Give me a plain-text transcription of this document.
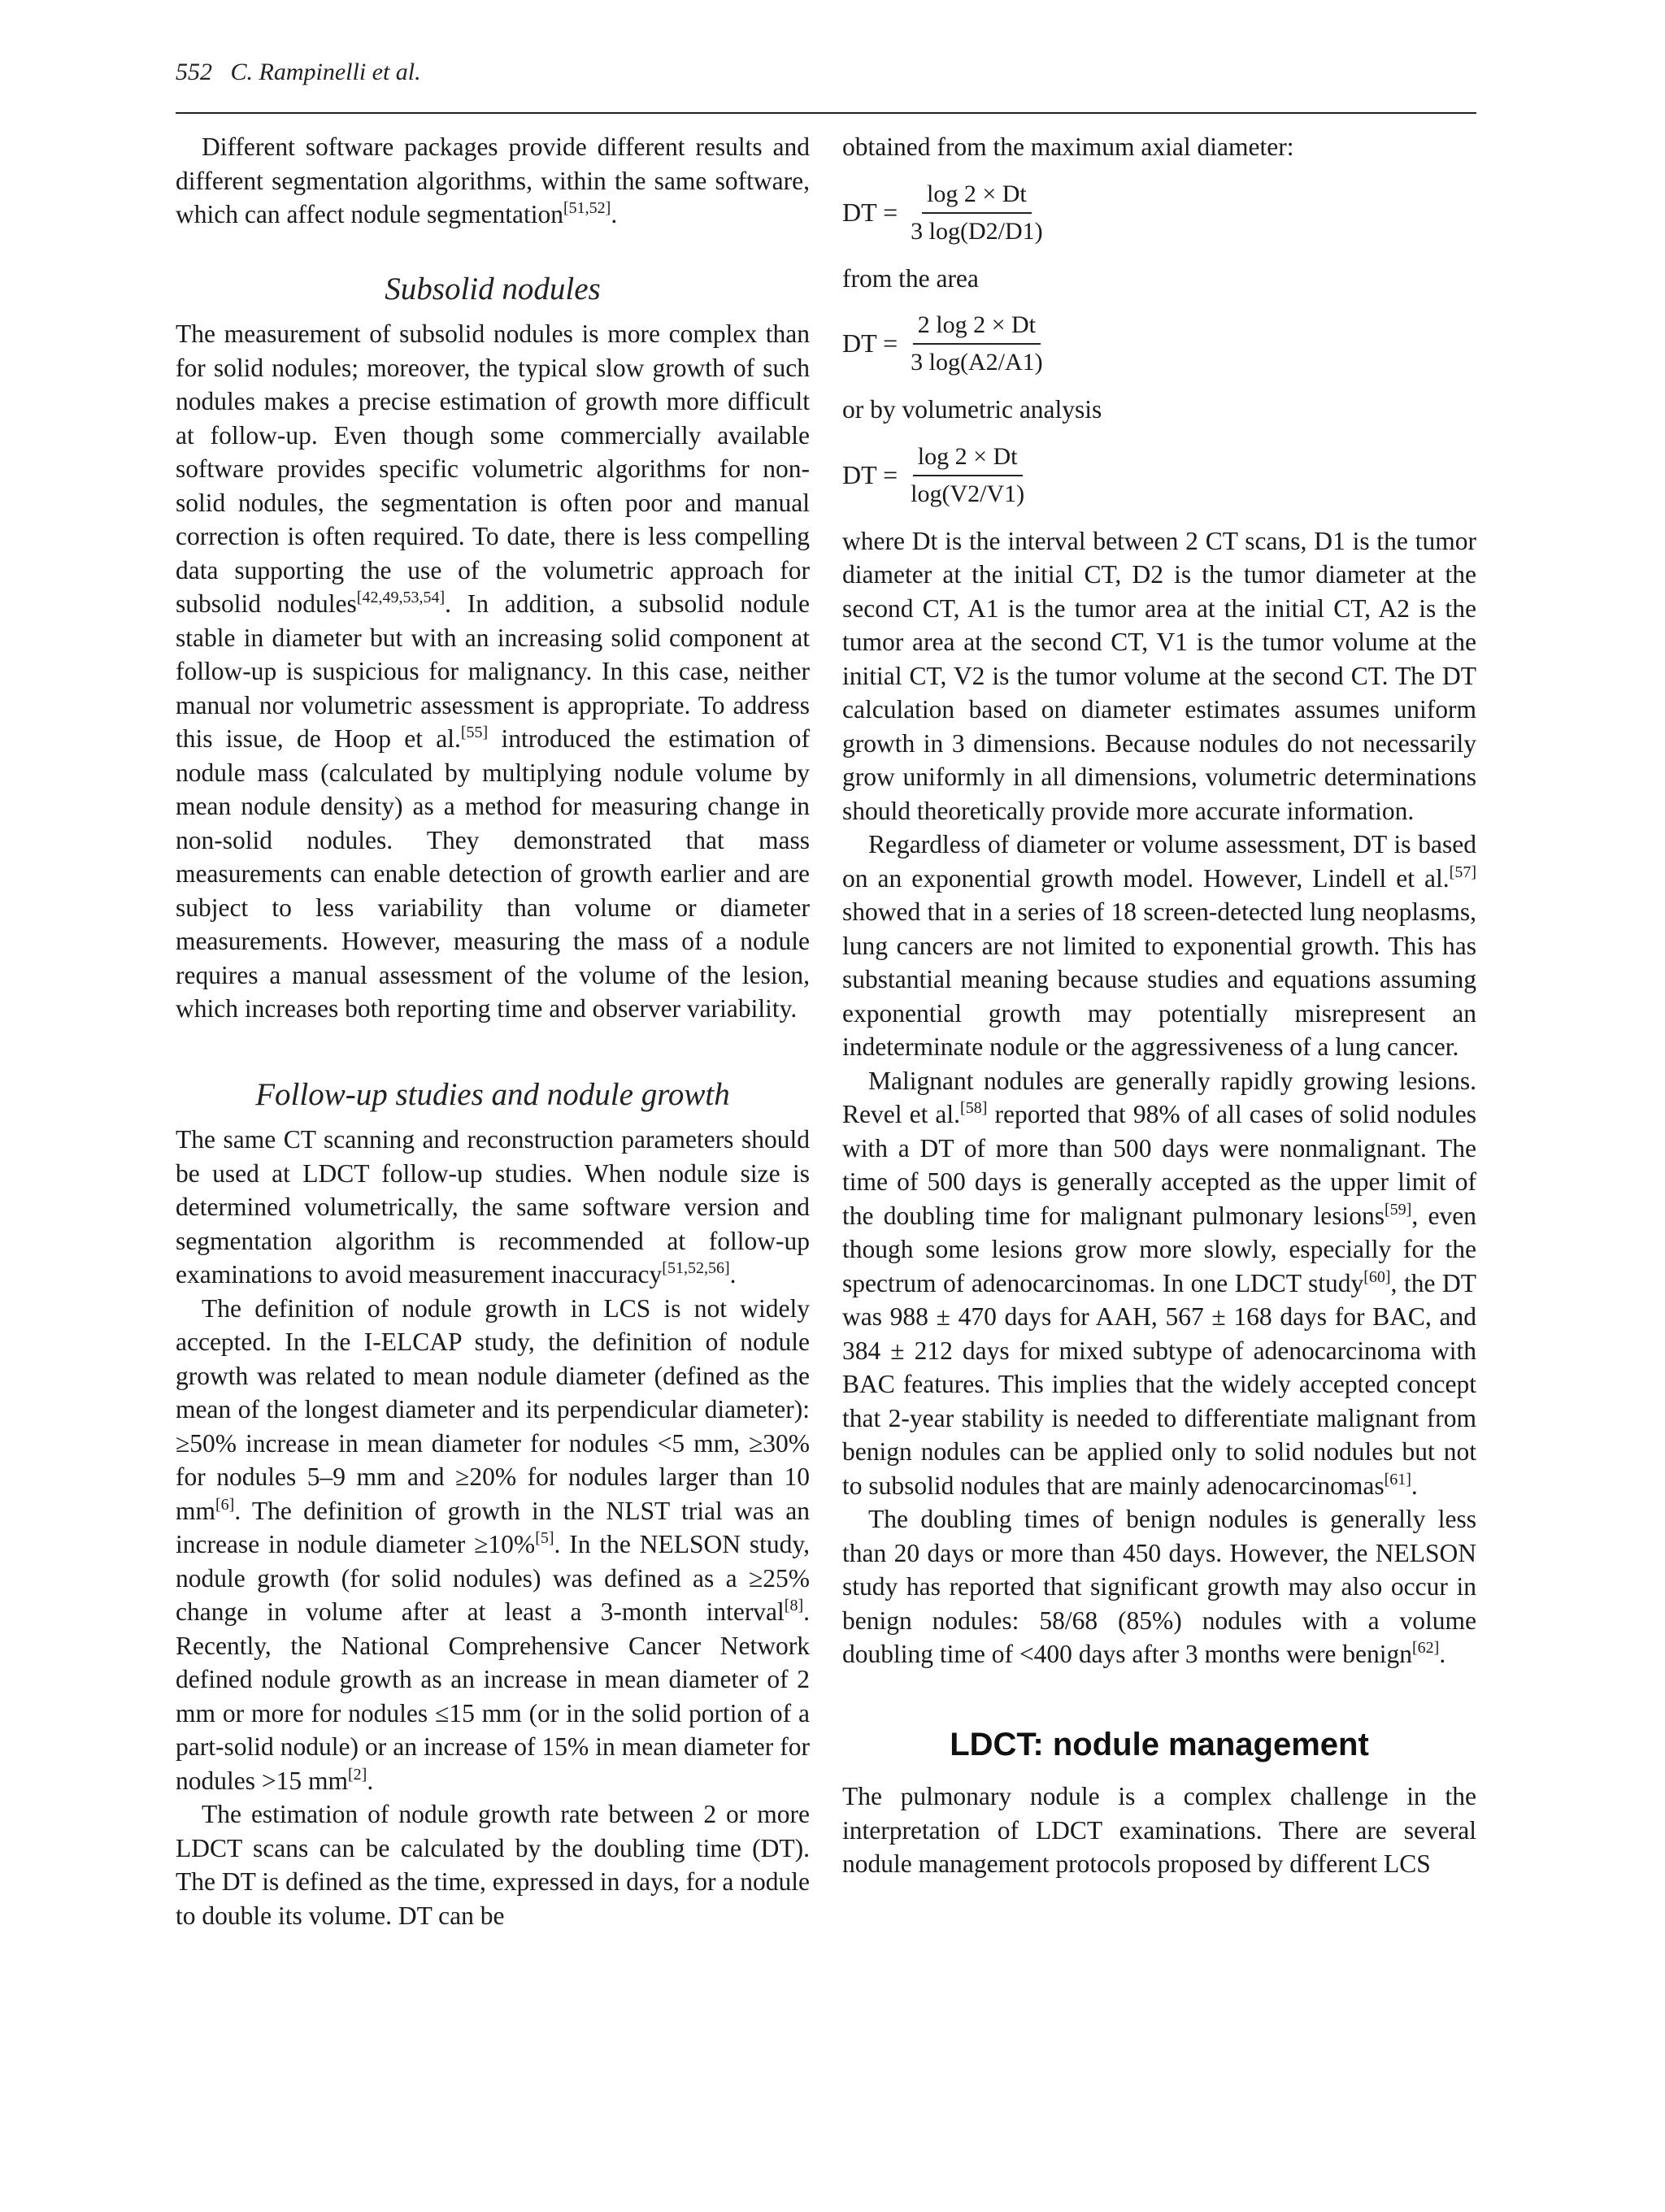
552 C. Rampinelli et al.

Different software packages provide different results and different segmentation algorithms, within the same software, which can affect nodule segmentation[51,52].

Subsolid nodules

The measurement of subsolid nodules is more complex than for solid nodules; moreover, the typical slow growth of such nodules makes a precise estimation of growth more difficult at follow-up. Even though some commercially available software provides specific volumetric algorithms for non-solid nodules, the segmentation is often poor and manual correction is often required. To date, there is less compelling data supporting the use of the volumetric approach for subsolid nodules[42,49,53,54]. In addition, a subsolid nodule stable in diameter but with an increasing solid component at follow-up is suspicious for malignancy. In this case, neither manual nor volumetric assessment is appropriate. To address this issue, de Hoop et al.[55] introduced the estimation of nodule mass (calculated by multiplying nodule volume by mean nodule density) as a method for measuring change in non-solid nodules. They demonstrated that mass measurements can enable detection of growth earlier and are subject to less variability than volume or diameter measurements. However, measuring the mass of a nodule requires a manual assessment of the volume of the lesion, which increases both reporting time and observer variability.

Follow-up studies and nodule growth

The same CT scanning and reconstruction parameters should be used at LDCT follow-up studies. When nodule size is determined volumetrically, the same software version and segmentation algorithm is recommended at follow-up examinations to avoid measurement inaccuracy[51,52,56].

The definition of nodule growth in LCS is not widely accepted. In the I-ELCAP study, the definition of nodule growth was related to mean nodule diameter (defined as the mean of the longest diameter and its perpendicular diameter): ≥50% increase in mean diameter for nodules <5 mm, ≥30% for nodules 5–9 mm and ≥20% for nodules larger than 10 mm[6]. The definition of growth in the NLST trial was an increase in nodule diameter ≥10%[5]. In the NELSON study, nodule growth (for solid nodules) was defined as a ≥25% change in volume after at least a 3-month interval[8]. Recently, the National Comprehensive Cancer Network defined nodule growth as an increase in mean diameter of 2 mm or more for nodules ≤15 mm (or in the solid portion of a part-solid nodule) or an increase of 15% in mean diameter for nodules >15 mm[2].

The estimation of nodule growth rate between 2 or more LDCT scans can be calculated by the doubling time (DT). The DT is defined as the time, expressed in days, for a nodule to double its volume. DT can be

obtained from the maximum axial diameter:

DT = $\frac{\log 2 \times Dt}{3 \log(D2/D1)}$

from the area

DT = $\frac{2 \log 2 \times Dt}{3 \log(A2/A1)}$

or by volumetric analysis

DT = $\frac{\log 2 \times Dt}{\log(V2/V1)}$

where Dt is the interval between 2 CT scans, D1 is the tumor diameter at the initial CT, D2 is the tumor diameter at the second CT, A1 is the tumor area at the initial CT, A2 is the tumor area at the second CT, V1 is the tumor volume at the initial CT, V2 is the tumor volume at the second CT. The DT calculation based on diameter estimates assumes uniform growth in 3 dimensions. Because nodules do not necessarily grow uniformly in all dimensions, volumetric determinations should theoretically provide more accurate information.

Regardless of diameter or volume assessment, DT is based on an exponential growth model. However, Lindell et al.[57] showed that in a series of 18 screen-detected lung neoplasms, lung cancers are not limited to exponential growth. This has substantial meaning because studies and equations assuming exponential growth may potentially misrepresent an indeterminate nodule or the aggressiveness of a lung cancer.

Malignant nodules are generally rapidly growing lesions. Revel et al.[58] reported that 98% of all cases of solid nodules with a DT of more than 500 days were nonmalignant. The time of 500 days is generally accepted as the upper limit of the doubling time for malignant pulmonary lesions[59], even though some lesions grow more slowly, especially for the spectrum of adenocarcinomas. In one LDCT study[60], the DT was 988 ± 470 days for AAH, 567 ± 168 days for BAC, and 384 ± 212 days for mixed subtype of adenocarcinoma with BAC features. This implies that the widely accepted concept that 2-year stability is needed to differentiate malignant from benign nodules can be applied only to solid nodules but not to subsolid nodules that are mainly adenocarcinomas[61].

The doubling times of benign nodules is generally less than 20 days or more than 450 days. However, the NELSON study has reported that significant growth may also occur in benign nodules: 58/68 (85%) nodules with a volume doubling time of <400 days after 3 months were benign[62].

LDCT: nodule management

The pulmonary nodule is a complex challenge in the interpretation of LDCT examinations. There are several nodule management protocols proposed by different LCS
